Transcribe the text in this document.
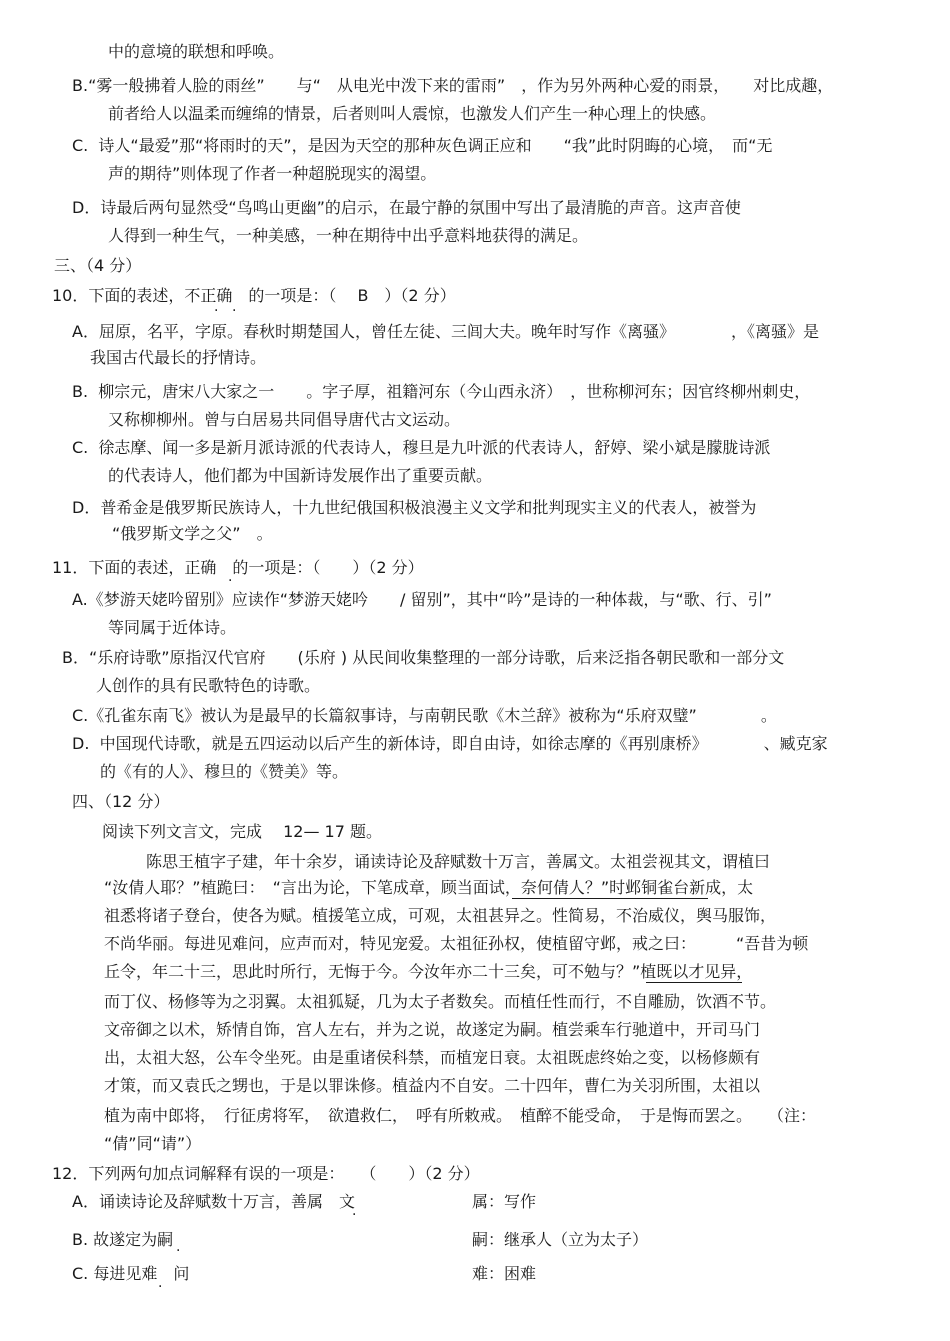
中的意境的联想和呼唤。
B.“雾一般拂着人脸的雨丝”　　与“　从电光中泼下来的雷雨”　，作为另外两种心爱的雨景，　　对比成趣，
前者给人以温柔而缠绵的情景，后者则叫人震惊，也激发人们产生一种心理上的快感。
C.  诗人“最爱”那“将雨时的天”，是因为天空的那种灰色调正应和　　“我”此时阴晦的心境，　而“无
声的期待”则体现了作者一种超脱现实的渴望。
D．诗最后两句显然受“鸟鸣山更幽”的启示，在最宁静的氛围中写出了最清脆的声音。这声音使
人得到一种生气，一种美感，一种在期待中出乎意料地获得的满足。
三、（4 分）
10．下面的表述，不正确　的一项是：（　 B　）（2 分）
· ·
A．屈原，名平，字原。春秋时期楚国人，曾任左徒、三闾大夫。晚年时写作《离骚》　　　　，《离骚》是
我国古代最长的抒情诗。
B.  柳宗元，唐宋八大家之一　　。字子厚，祖籍河东（今山西永济）　，世称柳河东；因官终柳州刺史，
又称柳柳州。曾与白居易共同倡导唐代古文运动。
C.  徐志摩、闻一多是新月派诗派的代表诗人，穆旦是九叶派的代表诗人，舒婷、梁小斌是朦胧诗派
的代表诗人，他们都为中国新诗发展作出了重要贡献。
D．普希金是俄罗斯民族诗人，十九世纪俄国积极浪漫主义文学和批判现实主义的代表人，被誉为
“俄罗斯文学之父”　。
11．下面的表述，正确　的一项是：（　　）（2 分）
·
A.《梦游天姥吟留别》应读作“梦游天姥吟　　/ 留别”，其中“吟”是诗的一种体裁，与“歌、行、引”
等同属于近体诗。
B．“乐府诗歌”原指汉代官府　　(乐府 ) 从民间收集整理的一部分诗歌，后来泛指各朝民歌和一部分文
人创作的具有民歌特色的诗歌。
C.《孔雀东南飞》被认为是最早的长篇叙事诗，与南朝民歌《木兰辞》被称为“乐府双璧”　　　　。
D.  中国现代诗歌，就是五四运动以后产生的新体诗，即自由诗，如徐志摩的《再别康桥》　　　　、臧克家
的《有的人》、穆旦的《赞美》等。
四、（12 分）
阅读下列文言文，完成　 12— 17 题。
陈思王植字子建，年十余岁，诵读诗论及辞赋数十万言，善属文。太祖尝视其文，谓植曰
“汝倩人耶？”植跪曰：　“言出为论，下笔成章，顾当面试，奈何倩人？”时邺铜雀台新成，太
祖悉将诸子登台，使各为赋。植援笔立成，可观，太祖甚异之。性简易，不治威仪，舆马服饰，
不尚华丽。每进见难问，应声而对，特见宠爱。太祖征孙权，使植留守邺，戒之曰：　　　“吾昔为顿
丘令，年二十三，思此时所行，无悔于今。今汝年亦二十三矣，可不勉与？”植既以才见异，
而丁仪、杨修等为之羽翼。太祖狐疑，几为太子者数矣。而植任性而行，不自雕励，饮酒不节。
文帝御之以术，矫情自饰，宫人左右，并为之说，故遂定为嗣。植尝乘车行驰道中，开司马门
出，太祖大怒，公车令坐死。由是重诸侯科禁，而植宠日衰。太祖既虑终始之变，以杨修颇有
才策，而又袁氏之甥也，于是以罪诛修。植益内不自安。二十四年，曹仁为关羽所围，太祖以
植为南中郎将，　行征虏将军，　欲遣救仁，　呼有所敕戒。　植醉不能受命，　于是悔而罢之。　　（注：
“倩”同“请”）
12．下列两句加点词解释有误的一项是：　　（　　）（2 分）
A．诵读诗论及辞赋数十万言，善属　文
·
属：写作
B. 故遂定为嗣
·
嗣：继承人（立为太子）
C. 每进见难　问
·
难：困难
